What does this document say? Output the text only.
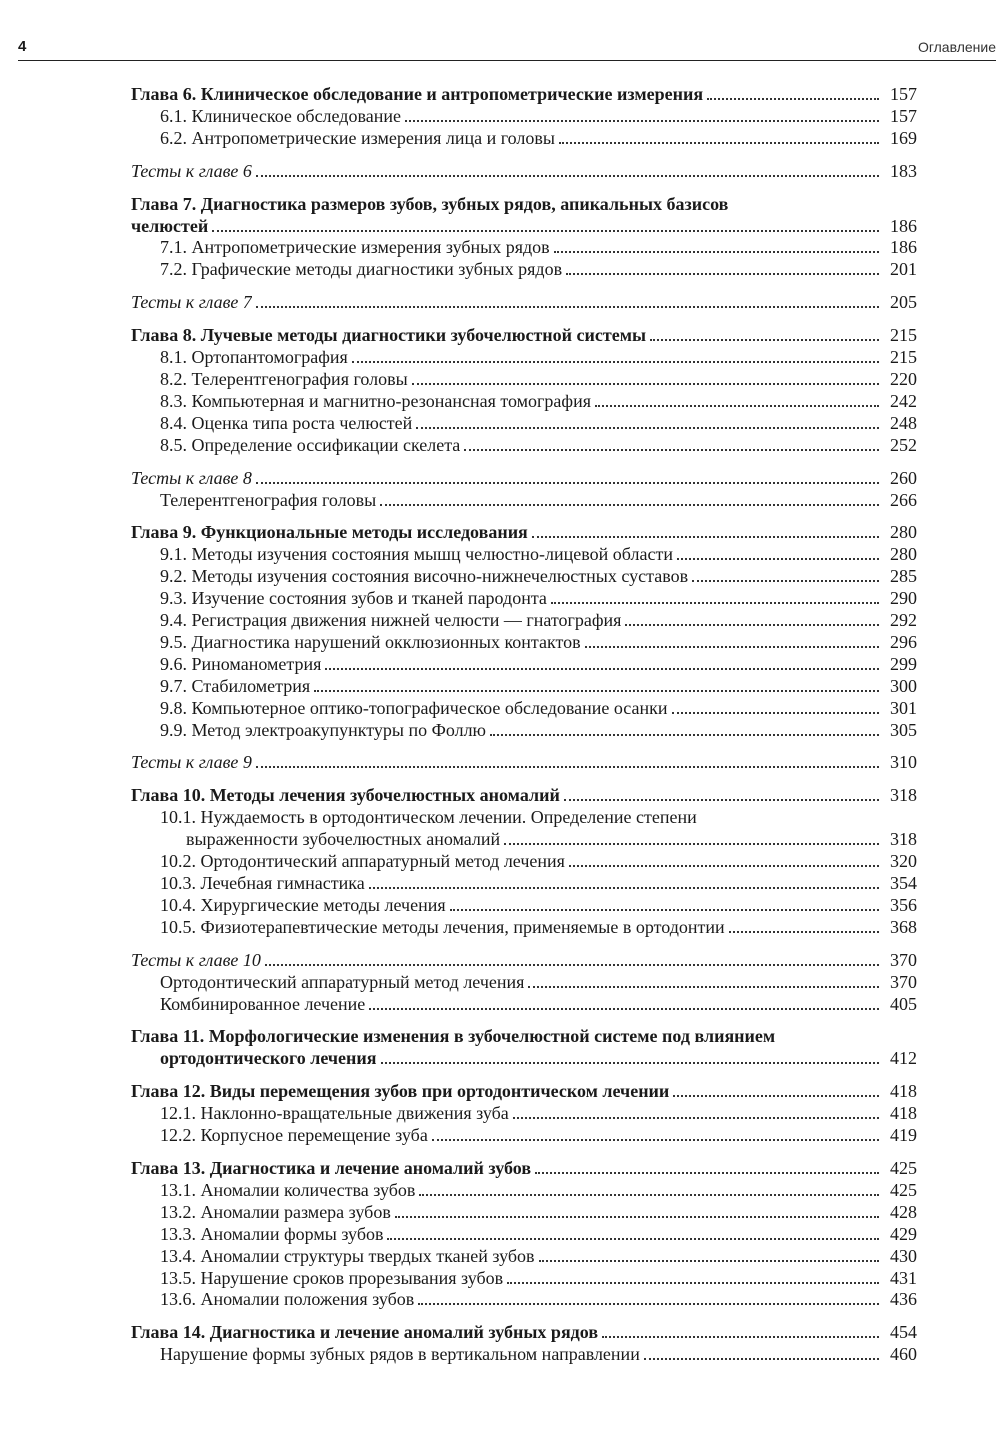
4	Оглавление
Глава 6. Клиническое обследование и антропометрические измерения	157
6.1. Клиническое обследование	157
6.2. Антропометрические измерения лица и головы	169
Тесты к главе 6	183
Глава 7. Диагностика размеров зубов, зубных рядов, апикальных базисов
челюстей	186
7.1. Антропометрические измерения зубных рядов	186
7.2. Графические методы диагностики зубных рядов	201
Тесты к главе 7	205
Глава 8. Лучевые методы диагностики зубочелюстной системы	215
8.1. Ортопантомография	215
8.2. Телерентгенография головы	220
8.3. Компьютерная и магнитно-резонансная томография	242
8.4. Оценка типа роста челюстей	248
8.5. Определение оссификации скелета	252
Тесты к главе 8	260
Телерентгенография головы	266
Глава 9. Функциональные методы исследования	280
9.1. Методы изучения состояния мышц челюстно-лицевой области	280
9.2. Методы изучения состояния височно-нижнечелюстных суставов	285
9.3. Изучение состояния зубов и тканей пародонта	290
9.4. Регистрация движения нижней челюсти — гнатография	292
9.5. Диагностика нарушений окклюзионных контактов	296
9.6. Риноманометрия	299
9.7. Стабилометрия	300
9.8. Компьютерное оптико-топографическое обследование осанки	301
9.9. Метод электроакупунктуры по Фоллю	305
Тесты к главе 9	310
Глава 10. Методы лечения зубочелюстных аномалий	318
10.1. Нуждаемость в ортодонтическом лечении. Определение степени
выраженности зубочелюстных аномалий	318
10.2. Ортодонтический аппаратурный метод лечения	320
10.3. Лечебная гимнастика	354
10.4. Хирургические методы лечения	356
10.5. Физиотерапевтические методы лечения, применяемые в ортодонтии	368
Тесты к главе 10	370
Ортодонтический аппаратурный метод лечения	370
Комбинированное лечение	405
Глава 11. Морфологические изменения в зубочелюстной системе под влиянием
ортодонтического лечения	412
Глава 12. Виды перемещения зубов при ортодонтическом лечении	418
12.1. Наклонно-вращательные движения зуба	418
12.2. Корпусное перемещение зуба	419
Глава 13. Диагностика и лечение аномалий зубов	425
13.1. Аномалии количества зубов	425
13.2. Аномалии размера зубов	428
13.3. Аномалии формы зубов	429
13.4. Аномалии структуры твердых тканей зубов	430
13.5. Нарушение сроков прорезывания зубов	431
13.6. Аномалии положения зубов	436
Глава 14. Диагностика и лечение аномалий зубных рядов	454
Нарушение формы зубных рядов в вертикальном направлении	460
